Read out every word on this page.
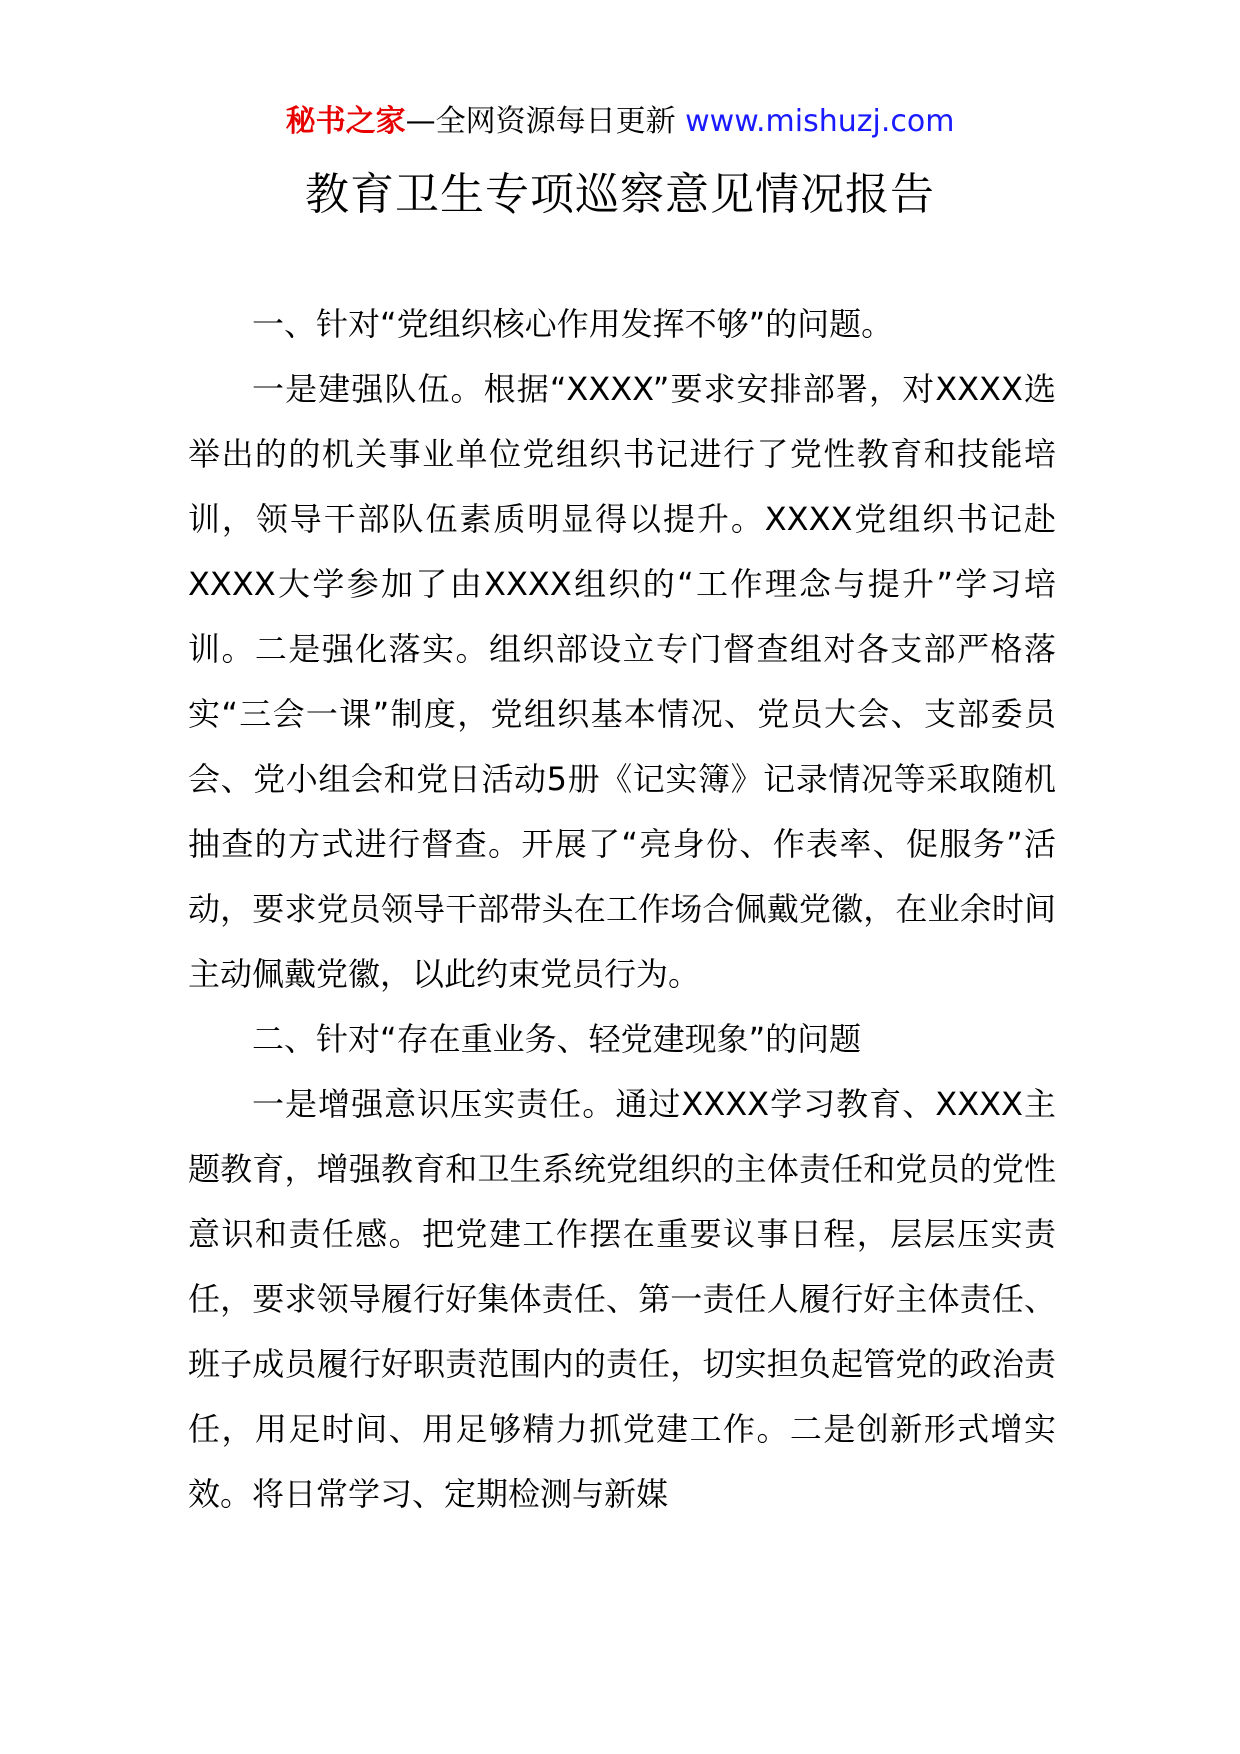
秘书之家—全网资源每日更新 www.mishuzj.com
教育卫生专项巡察意见情况报告

一、针对“党组织核心作用发挥不够”的问题。

一是建强队伍。根据“XXXX”要求安排部署，对XXXX选举出的的机关事业单位党组织书记进行了党性教育和技能培训，领导干部队伍素质明显得以提升。XXXX党组织书记赴XXXX大学参加了由XXXX组织的“工作理念与提升”学习培训。二是强化落实。组织部设立专门督查组对各支部严格落实“三会一课”制度，党组织基本情况、党员大会、支部委员会、党小组会和党日活动5册《记实簿》记录情况等采取随机抽查的方式进行督查。开展了“亮身份、作表率、促服务”活动，要求党员领导干部带头在工作场合佩戴党徽，在业余时间主动佩戴党徽，以此约束党员行为。

二、针对“存在重业务、轻党建现象”的问题

一是增强意识压实责任。通过XXXX学习教育、XXXX主题教育，增强教育和卫生系统党组织的主体责任和党员的党性意识和责任感。把党建工作摆在重要议事日程，层层压实责任，要求领导履行好集体责任、第一责任人履行好主体责任、班子成员履行好职责范围内的责任，切实担负起管党的政治责任，用足时间、用足够精力抓党建工作。二是创新形式增实效。将日常学习、定期检测与新媒
